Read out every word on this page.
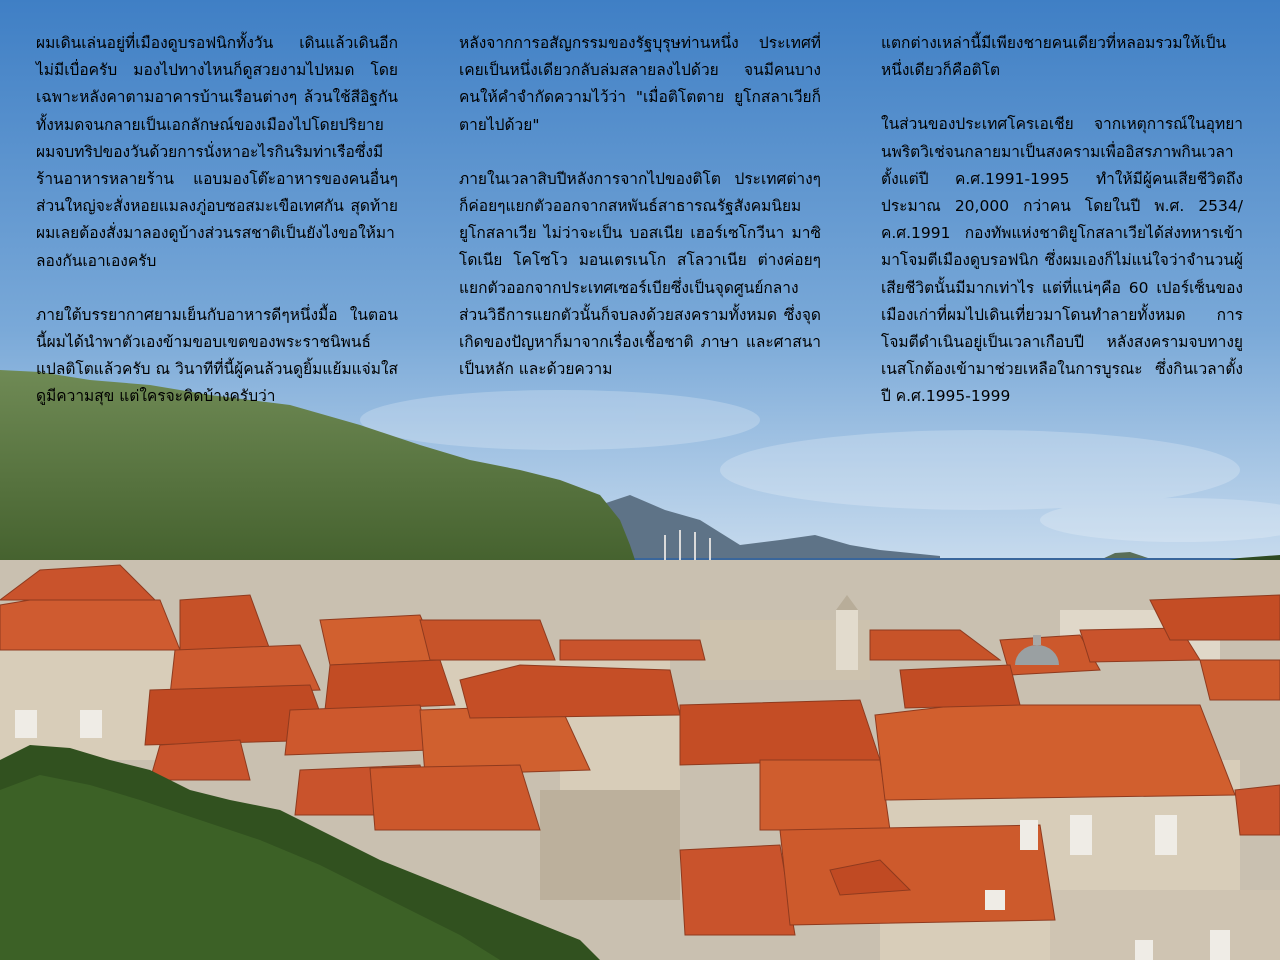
ผมเดินเล่นอยู่ที่เมืองดูบรอฟนิกทั้งวัน เดินแล้วเดินอีกไม่มีเบื่อครับ มองไปทางไหนก็ดูสวยงามไปหมด โดยเฉพาะหลังคาตามอาคารบ้านเรือนต่างๆ ล้วนใช้สีอิฐกันทั้งหมดจนกลายเป็นเอกลักษณ์ของเมืองไปโดยปริยาย ผมจบทริปของวันด้วยการนั่งหาอะไรกินริมท่าเรือซึ่งมีร้านอาหารหลายร้าน แอบมองโต๊ะอาหารของคนอื่นๆส่วนใหญ่จะสั่งหอยแมลงภู่อบซอสมะเขือเทศกัน สุดท้ายผมเลยต้องสั่งมาลองดูบ้างส่วนรสชาติเป็นยังไงขอให้มาลองกันเอาเองครับ

ภายใต้บรรยากาศยามเย็นกับอาหารดีๆหนึ่งมื้อ ในตอนนี้ผมได้นำพาตัวเองข้ามขอบเขตของพระราชนิพนธ์แปลติโตแล้วครับ ณ วินาทีที่นี้ผู้คนล้วนดูยิ้มแย้มแจ่มใสดูมีความสุข แต่ใครจะคิดบ้างครับว่า

หลังจากการอสัญกรรมของรัฐบุรุษท่านหนึ่ง ประเทศที่เคยเป็นหนึ่งเดียวกลับล่มสลายลงไปด้วย จนมีคนบางคนให้คำจำกัดความไว้ว่า "เมื่อติโตตาย ยูโกสลาเวียก็ตายไปด้วย"

ภายในเวลาสิบปีหลังการจากไปของติโต ประเทศต่างๆก็ค่อยๆแยกตัวออกจากสหพันธ์สาธารณรัฐสังคมนิยมยูโกสลาเวีย ไม่ว่าจะเป็น บอสเนีย เฮอร์เซโกวีนา มาซิโดเนีย โคโซโว มอนเตรเนโก สโลวาเนีย ต่างค่อยๆแยกตัวออกจากประเทศเซอร์เบียซึ่งเป็นจุดศูนย์กลาง ส่วนวิธีการแยกตัวนั้นก็จบลงด้วยสงครามทั้งหมด ซึ่งจุดเกิดของปัญหาก็มาจากเรื่องเชื้อชาติ ภาษา และศาสนา เป็นหลัก และด้วยความ

แตกต่างเหล่านี้มีเพียงชายคนเดียวที่หลอมรวมให้เป็นหนึ่งเดียวก็คือติโต

ในส่วนของประเทศโครเอเชีย จากเหตุการณ์ในอุทยานพริตวิเช่จนกลายมาเป็นสงครามเพื่ออิสรภาพกินเวลาตั้งแต่ปี ค.ศ.1991-1995 ทำให้มีผู้คนเสียชีวิตถึงประมาณ 20,000 กว่าคน โดยในปี พ.ศ. 2534/ค.ศ.1991 กองทัพแห่งชาติยูโกสลาเวียได้ส่งทหารเข้ามาโจมตีเมืองดูบรอฟนิก ซึ่งผมเองก็ไม่แน่ใจว่าจำนวนผู้เสียชีวิตนั้นมีมากเท่าไร แต่ที่แน่ๆคือ 60 เปอร์เซ็นของเมืองเก่าที่ผมไปเดินเที่ยวมาโดนทำลายทั้งหมด การโจมตีดำเนินอยู่เป็นเวลาเกือบปี หลังสงครามจบทางยูเนสโกต้องเข้ามาช่วยเหลือในการบูรณะ ซึ่งกินเวลาตั้งปี ค.ศ.1995-1999
